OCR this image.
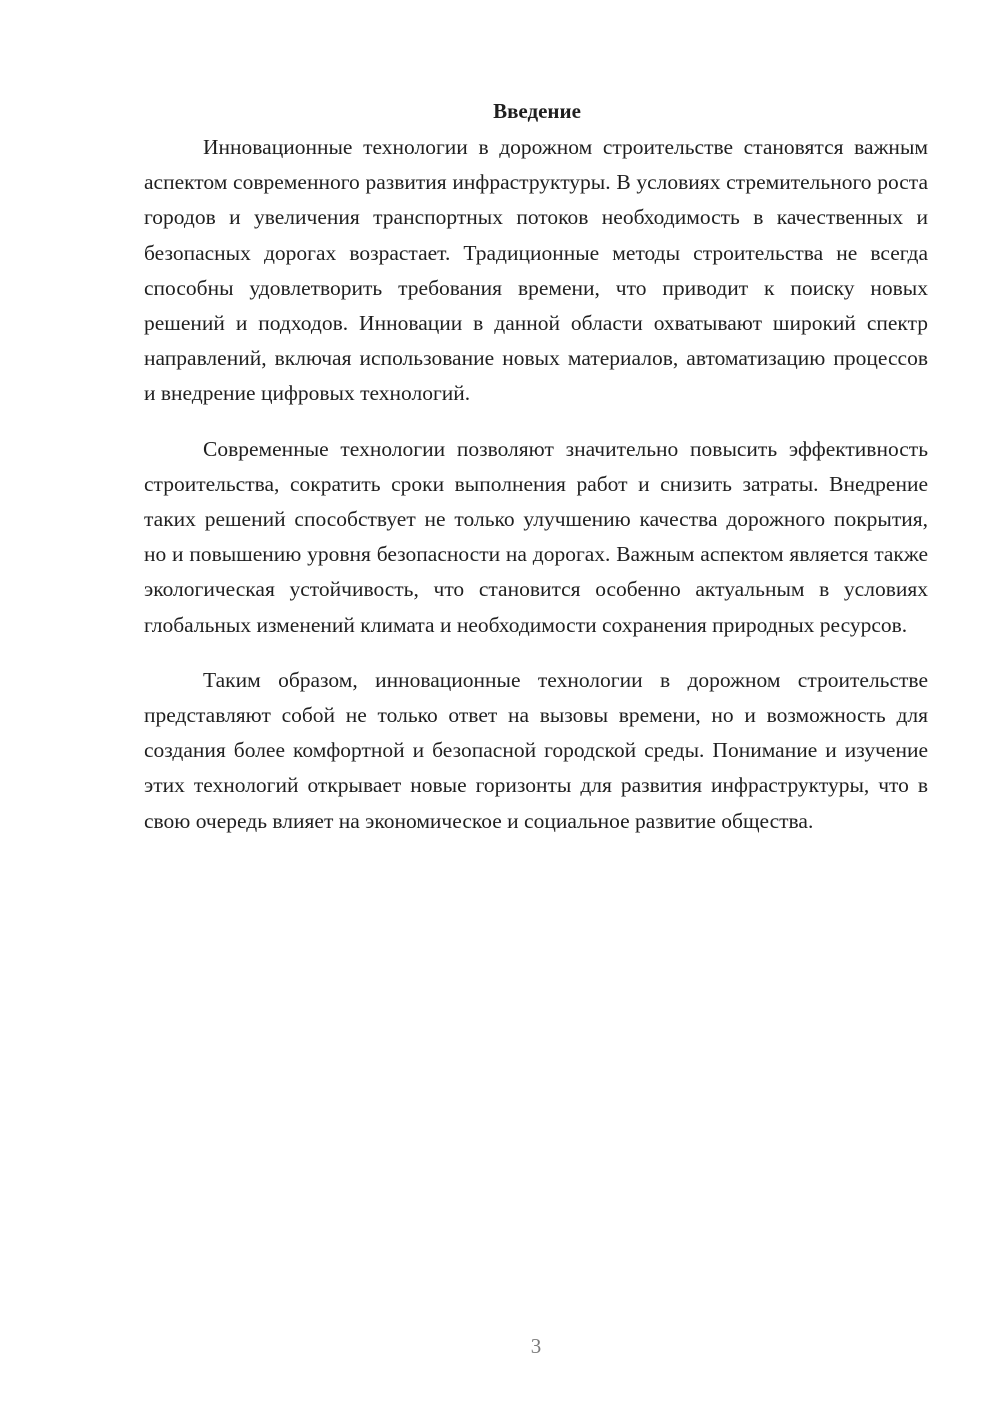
Введение

Инновационные технологии в дорожном строительстве становятся важным аспектом современного развития инфраструктуры. В условиях стремительного роста городов и увеличения транспортных потоков необходимость в качественных и безопасных дорогах возрастает. Традиционные методы строительства не всегда способны удовлетворить требования времени, что приводит к поиску новых решений и подходов. Инновации в данной области охватывают широкий спектр направлений, включая использование новых материалов, автоматизацию процессов и внедрение цифровых технологий.

Современные технологии позволяют значительно повысить эффективность строительства, сократить сроки выполнения работ и снизить затраты. Внедрение таких решений способствует не только улучшению качества дорожного покрытия, но и повышению уровня безопасности на дорогах. Важным аспектом является также экологическая устойчивость, что становится особенно актуальным в условиях глобальных изменений климата и необходимости сохранения природных ресурсов.

Таким образом, инновационные технологии в дорожном строительстве представляют собой не только ответ на вызовы времени, но и возможность для создания более комфортной и безопасной городской среды. Понимание и изучение этих технологий открывает новые горизонты для развития инфраструктуры, что в свою очередь влияет на экономическое и социальное развитие общества.

3
